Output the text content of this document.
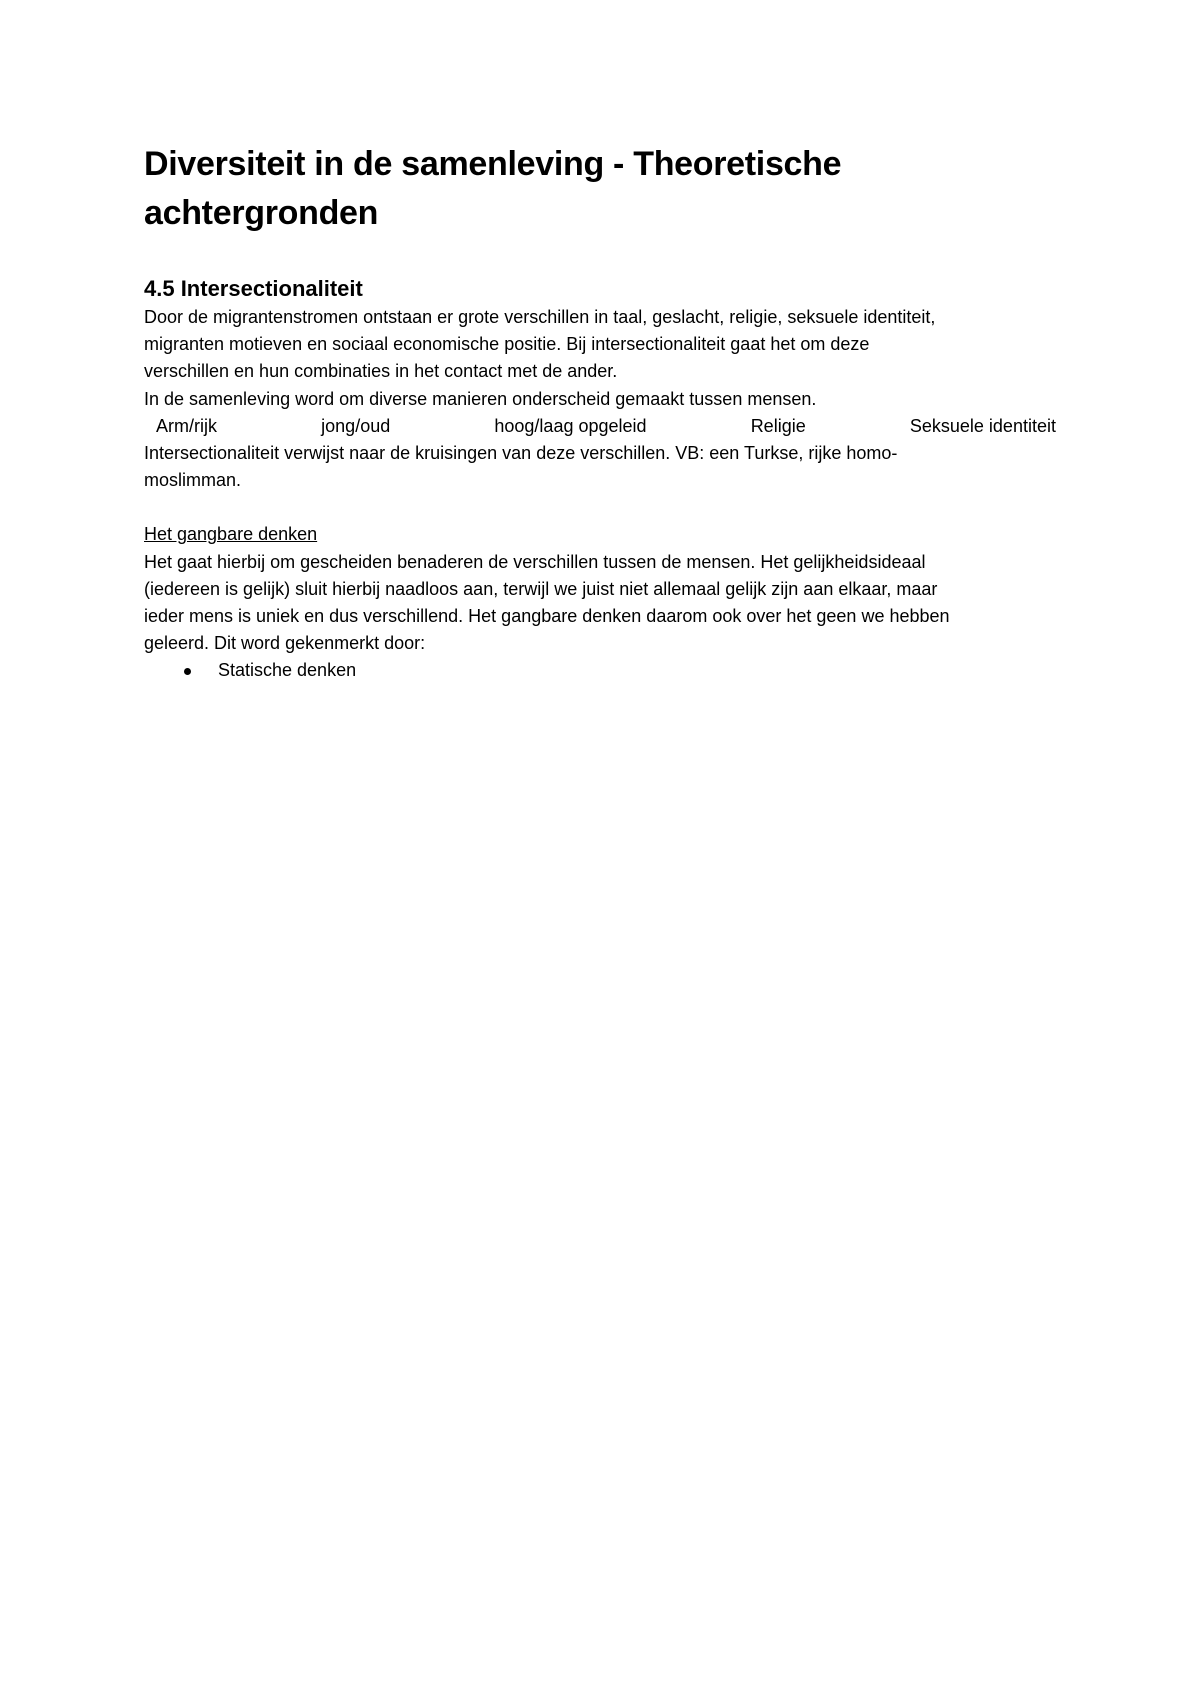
Diversiteit in de samenleving - Theoretische
achtergronden
4.5 Intersectionaliteit

Door de migrantenstromen ontstaan er grote verschillen in taal, geslacht, religie, seksuele identiteit,
migranten motieven en sociaal economische positie. Bij intersectionaliteit gaat het om deze
verschillen en hun combinaties in het contact met de ander.

In de samenleving word om diverse manieren onderscheid gemaakt tussen mensen.

Arm/rijk	jong/oud	hoog/laag opgeleid	Religie	Seksuele identiteit

Intersectionaliteit verwijst naar de kruisingen van deze verschillen. VB: een Turkse, rijke homo-
moslimman.

Het gangbare denken

Het gaat hierbij om gescheiden benaderen de verschillen tussen de mensen. Het gelijkheidsideaal
(iedereen is gelijk) sluit hierbij naadloos aan, terwijl we juist niet allemaal gelijk zijn aan elkaar, maar
ieder mens is uniek en dus verschillend. Het gangbare denken daarom ook over het geen we hebben
geleerd. Dit word gekenmerkt door:

Statische denken
